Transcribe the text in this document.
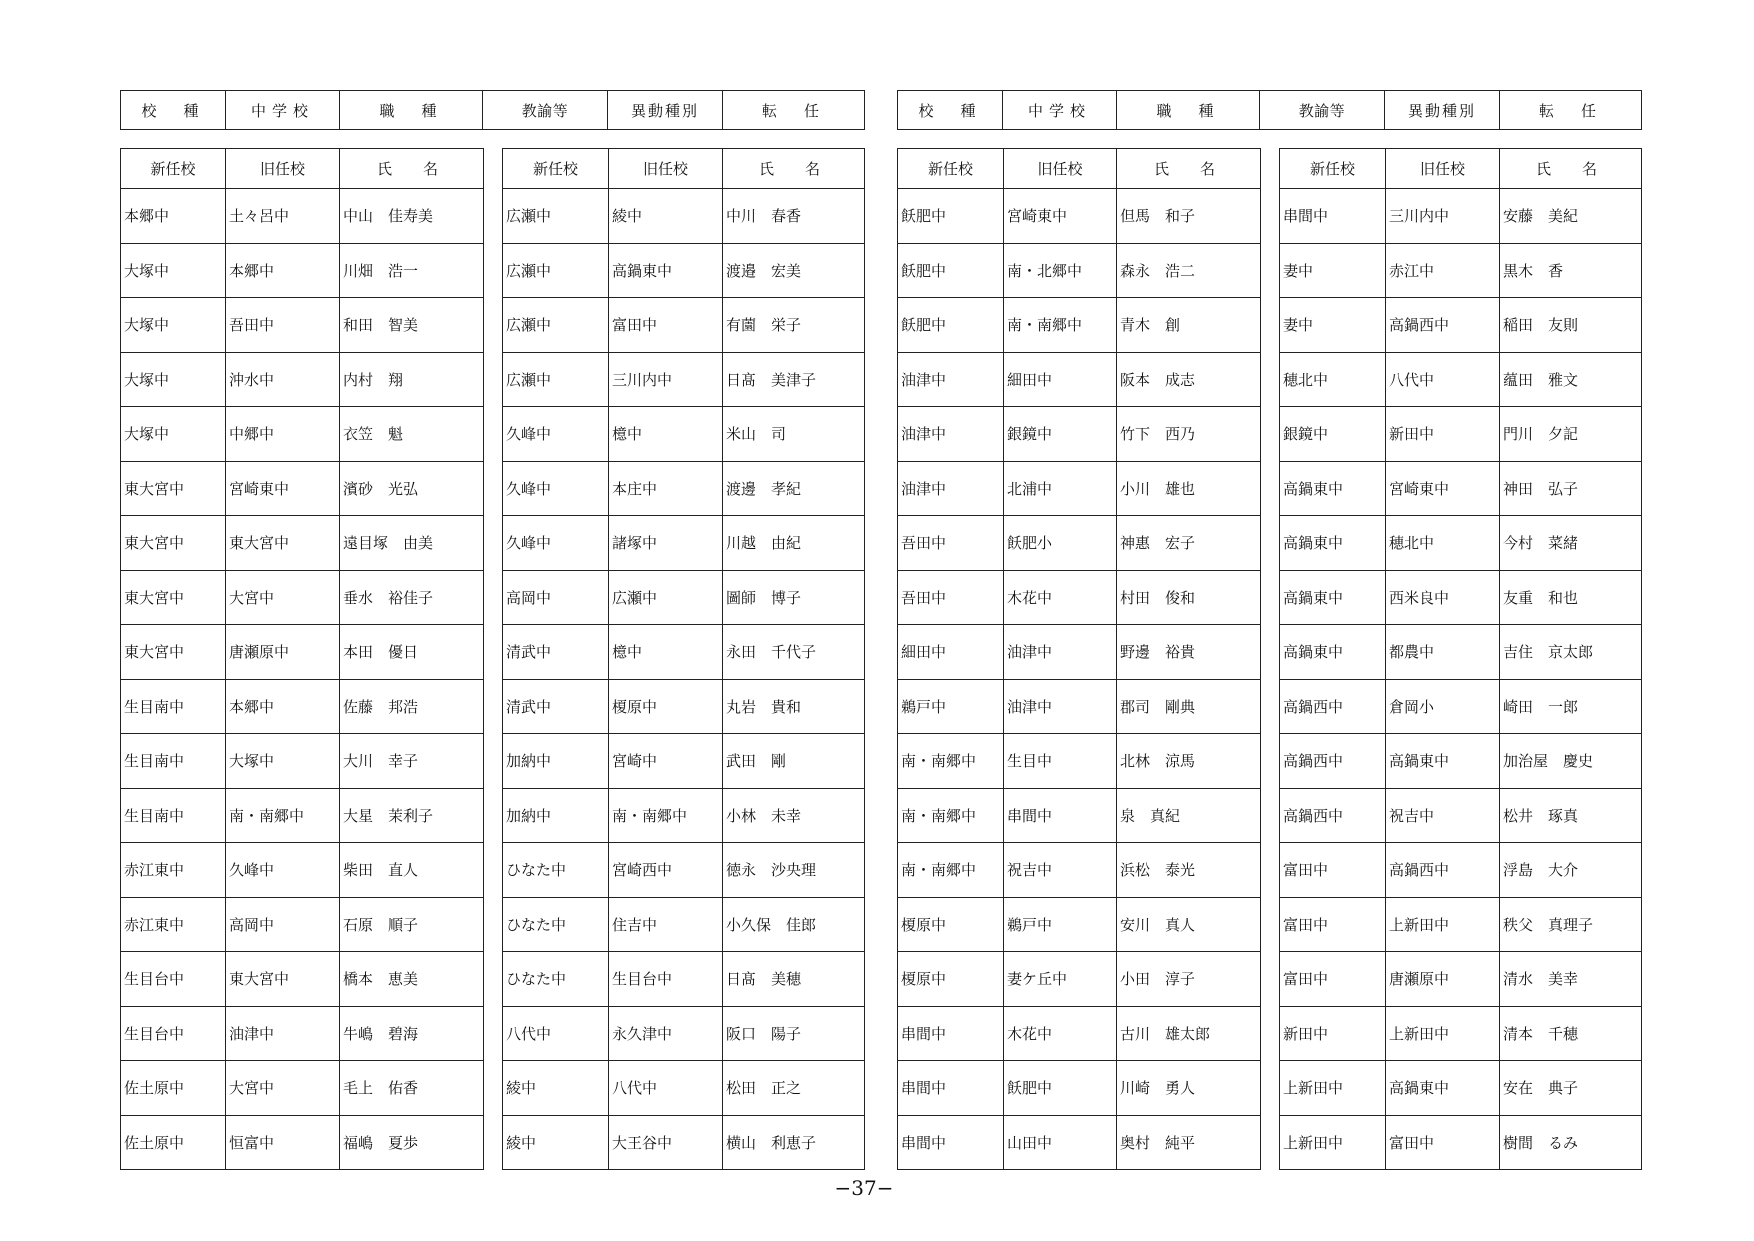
校　種	中学校	職　種	教諭等	異動種別	転　任	校　種	中学校	職　種	教諭等	異動種別	転　任
新任校	旧任校	氏　名
本郷中	土々呂中	中山　佳寿美
大塚中	本郷中	川畑　浩一
大塚中	吾田中	和田　智美
大塚中	沖水中	内村　翔
大塚中	中郷中	衣笠　魁
東大宮中	宮崎東中	濱砂　光弘
東大宮中	東大宮中	遠目塚　由美
東大宮中	大宮中	垂水　裕佳子
東大宮中	唐瀬原中	本田　優日
生目南中	本郷中	佐藤　邦浩
生目南中	大塚中	大川　幸子
生目南中	南・南郷中	大星　茉利子
赤江東中	久峰中	柴田　直人
赤江東中	高岡中	石原　順子
生目台中	東大宮中	橋本　恵美
生目台中	油津中	牛嶋　碧海
佐土原中	大宮中	毛上　佑香
佐土原中	恒富中	福嶋　夏歩
新任校	旧任校	氏　名
広瀬中	綾中	中川　春香
広瀬中	高鍋東中	渡邉　宏美
広瀬中	富田中	有薗　栄子
広瀬中	三川内中	日髙　美津子
久峰中	檍中	米山　司
久峰中	本庄中	渡邊　孝紀
久峰中	諸塚中	川越　由紀
高岡中	広瀬中	圖師　博子
清武中	檍中	永田　千代子
清武中	榎原中	丸岩　貴和
加納中	宮崎中	武田　剛
加納中	南・南郷中	小林　未幸
ひなた中	宮崎西中	徳永　沙央理
ひなた中	住吉中	小久保　佳郎
ひなた中	生目台中	日髙　美穂
八代中	永久津中	阪口　陽子
綾中	八代中	松田　正之
綾中	大王谷中	横山　利恵子
新任校	旧任校	氏　名
飫肥中	宮崎東中	但馬　和子
飫肥中	南・北郷中	森永　浩二
飫肥中	南・南郷中	青木　創
油津中	細田中	阪本　成志
油津中	銀鏡中	竹下　西乃
油津中	北浦中	小川　雄也
吾田中	飫肥小	神惠　宏子
吾田中	木花中	村田　俊和
細田中	油津中	野邊　裕貴
鵜戸中	油津中	郡司　剛典
南・南郷中	生目中	北林　涼馬
南・南郷中	串間中	泉　真紀
南・南郷中	祝吉中	浜松　泰光
榎原中	鵜戸中	安川　真人
榎原中	妻ケ丘中	小田　淳子
串間中	木花中	古川　雄太郎
串間中	飫肥中	川崎　勇人
串間中	山田中	奥村　純平
新任校	旧任校	氏　名
串間中	三川内中	安藤　美紀
妻中	赤江中	黒木　香
妻中	高鍋西中	稲田　友則
穂北中	八代中	蕴田　雅文
銀鏡中	新田中	門川　夕記
高鍋東中	宮崎東中	神田　弘子
高鍋東中	穂北中	今村　菜緒
高鍋東中	西米良中	友重　和也
高鍋東中	都農中	吉住　京太郎
高鍋西中	倉岡小	崎田　一郎
高鍋西中	高鍋東中	加治屋　慶史
高鍋西中	祝吉中	松井　琢真
富田中	高鍋西中	浮島　大介
富田中	上新田中	秩父　真理子
富田中	唐瀬原中	清水　美幸
新田中	上新田中	清本　千穂
上新田中	高鍋東中	安在　典子
上新田中	富田中	樹間　るみ
−37−
